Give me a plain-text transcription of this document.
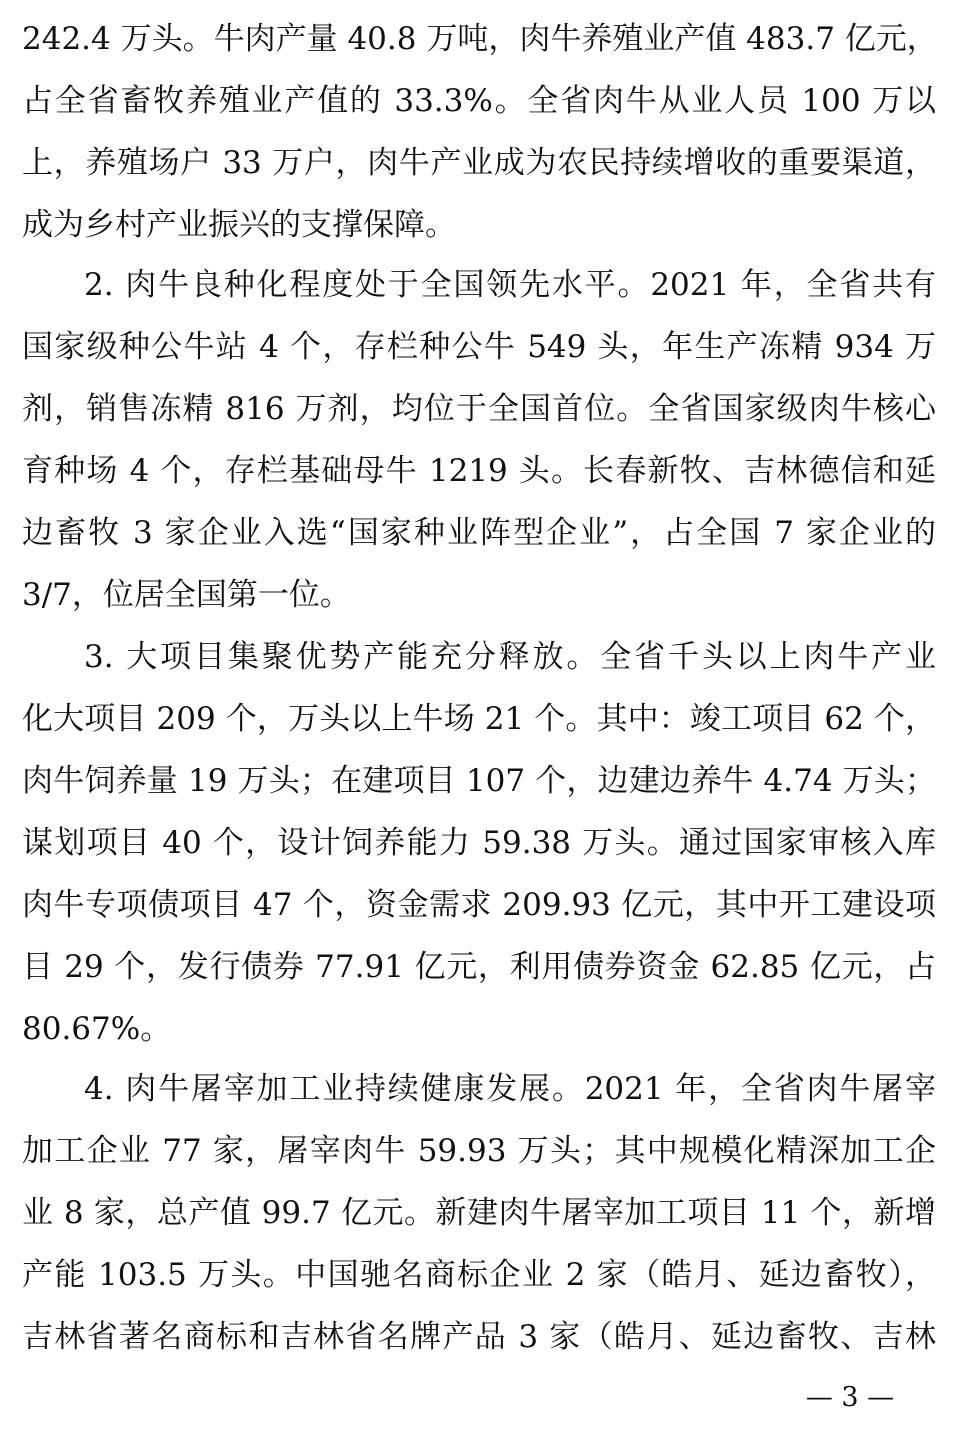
242.4 万头。牛肉产量 40.8 万吨，肉牛养殖业产值 483.7 亿元，
占全省畜牧养殖业产值的 33.3%。全省肉牛从业人员 100 万以
上，养殖场户 33 万户，肉牛产业成为农民持续增收的重要渠道，
成为乡村产业振兴的支撑保障。
2. 肉牛良种化程度处于全国领先水平。2021 年，全省共有
国家级种公牛站 4 个，存栏种公牛 549 头，年生产冻精 934 万
剂，销售冻精 816 万剂，均位于全国首位。全省国家级肉牛核心
育种场 4 个，存栏基础母牛 1219 头。长春新牧、吉林德信和延
边畜牧 3 家企业入选“国家种业阵型企业”，占全国 7 家企业的
3/7，位居全国第一位。
3. 大项目集聚优势产能充分释放。全省千头以上肉牛产业
化大项目 209 个，万头以上牛场 21 个。其中：竣工项目 62 个，
肉牛饲养量 19 万头；在建项目 107 个，边建边养牛 4.74 万头；
谋划项目 40 个，设计饲养能力 59.38 万头。通过国家审核入库
肉牛专项债项目 47 个，资金需求 209.93 亿元，其中开工建设项
目 29 个，发行债券 77.91 亿元，利用债券资金 62.85 亿元，占
80.67%。
4. 肉牛屠宰加工业持续健康发展。2021 年，全省肉牛屠宰
加工企业 77 家，屠宰肉牛 59.93 万头；其中规模化精深加工企
业 8 家，总产值 99.7 亿元。新建肉牛屠宰加工项目 11 个，新增
产能 103.5 万头。中国驰名商标企业 2 家（皓月、延边畜牧），
吉林省著名商标和吉林省名牌产品 3 家（皓月、延边畜牧、吉林
— 3 —
